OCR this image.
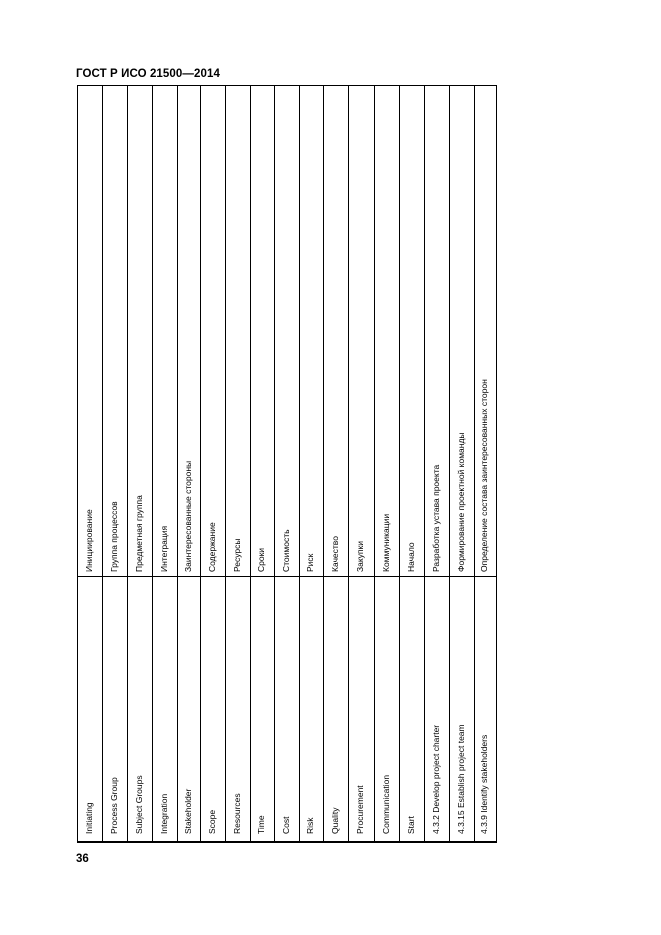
ГОСТ Р ИСО 21500—2014
Initiating
Инициирование
Process Group
Группа процессов
Subject Groups
Предметная группа
Integration
Интеграция
Stakeholder
Заинтересованные стороны
Scope
Содержание
Resources
Ресурсы
Time
Сроки
Cost
Стоимость
Risk
Риск
Quality
Качество
Procurement
Закупки
Communication
Коммуникации
Start
Начало
4.3.2 Develop project charter
Разработка устава проекта
4.3.15 Establish project team
Формирование проектной команды
4.3.9 Identify stakeholders
Определение состава заинтересованных сторон
36
